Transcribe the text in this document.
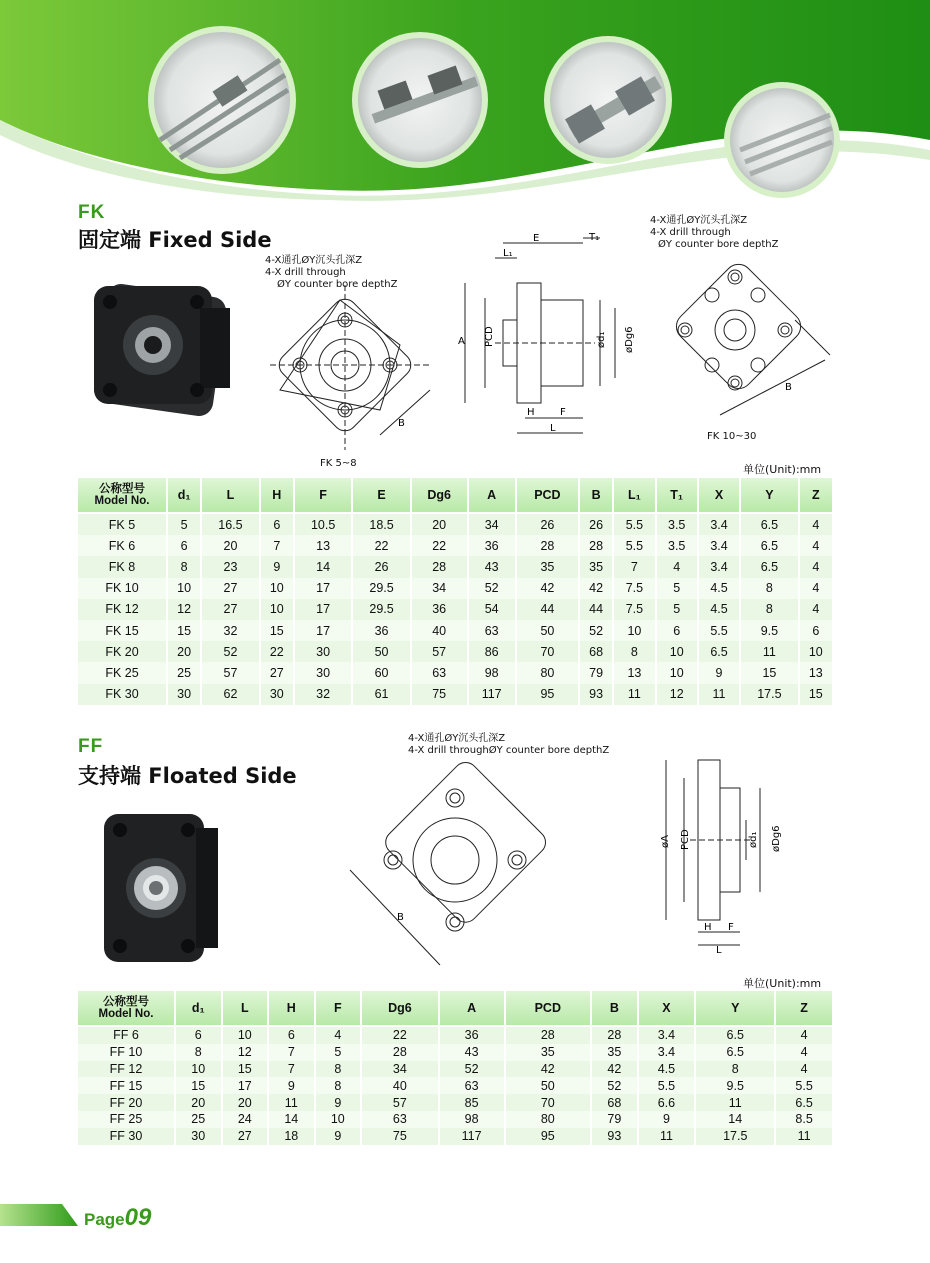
FK
固定端 Fixed Side
4-X通孔ØY沉头孔深Z
4-X drill through
ØY counter bore depthZ
B
FK 5~8
E	T₁
L₁
A PCD	ød₁ øDg6
H	F
L
4-X通孔ØY沉头孔深Z
4-X drill through
ØY counter bore depthZ
B
FK 10~30
单位(Unit):mm
公称型号
Model No.	d₁	L	H	F	E	Dg6	A	PCD	B	L₁	T₁	X	Y	Z
FK 5	5	16.5	6	10.5	18.5	20	34	26	26	5.5	3.5	3.4	6.5	4
FK 6	6	20	7	13	22	22	36	28	28	5.5	3.5	3.4	6.5	4
FK 8	8	23	9	14	26	28	43	35	35	7	4	3.4	6.5	4
FK 10	10	27	10	17	29.5	34	52	42	42	7.5	5	4.5	8	4
FK 12	12	27	10	17	29.5	36	54	44	44	7.5	5	4.5	8	4
FK 15	15	32	15	17	36	40	63	50	52	10	6	5.5	9.5	6
FK 20	20	52	22	30	50	57	86	70	68	8	10	6.5	11	10
FK 25	25	57	27	30	60	63	98	80	79	13	10	9	15	13
FK 30	30	62	30	32	61	75	117	95	93	11	12	11	17.5	15
FF
支持端 Floated Side
4-X通孔ØY沉头孔深Z
4-X drill throughØY counter bore depthZ
B
øA PCD	ød₁ øDg6
H F
L
单位(Unit):mm
公称型号
Model No.	d₁	L	H	F	Dg6	A	PCD	B	X	Y	Z
FF 6	6	10	6	4	22	36	28	28	3.4	6.5	4
FF 10	8	12	7	5	28	43	35	35	3.4	6.5	4
FF 12	10	15	7	8	34	52	42	42	4.5	8	4
FF 15	15	17	9	8	40	63	50	52	5.5	9.5	5.5
FF 20	20	20	11	9	57	85	70	68	6.6	11	6.5
FF 25	25	24	14	10	63	98	80	79	9	14	8.5
FF 30	30	27	18	9	75	117	95	93	11	17.5	11
Page09
